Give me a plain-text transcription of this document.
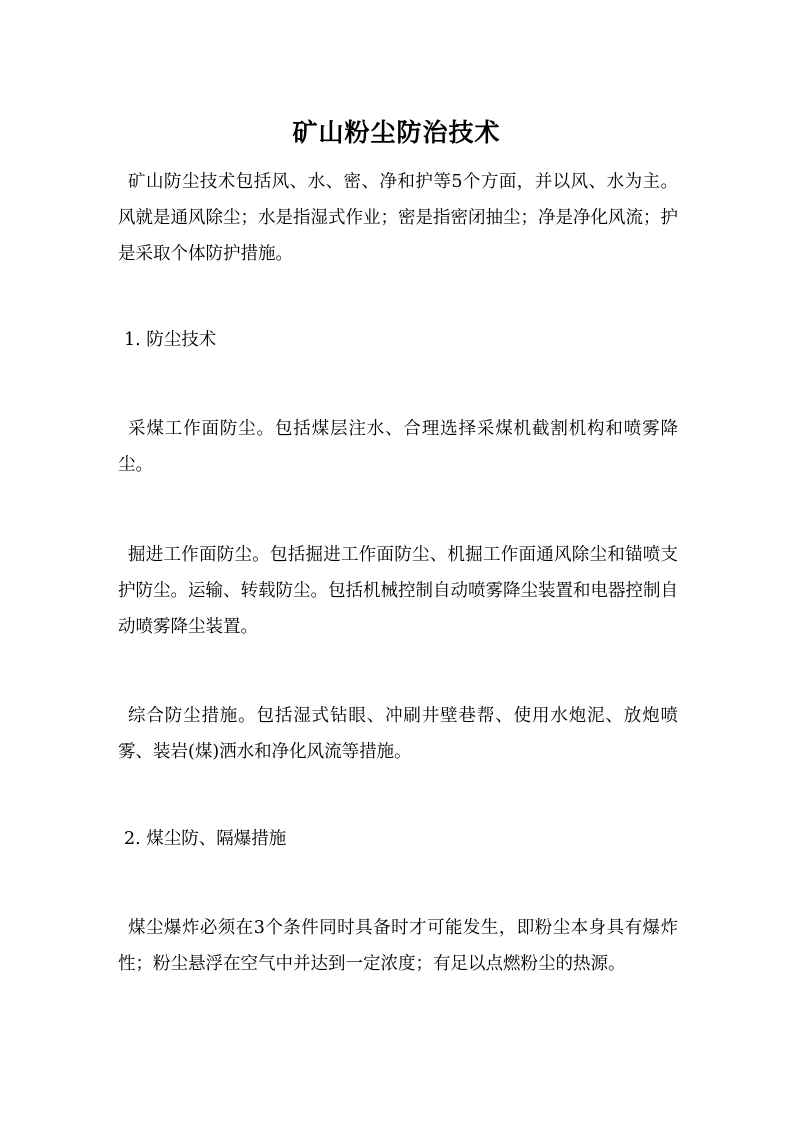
矿山粉尘防治技术

矿山防尘技术包括风、水、密、净和护等5个方面，并以风、水为主。风就是通风除尘；水是指湿式作业；密是指密闭抽尘；净是净化风流；护是采取个体防护措施。

1. 防尘技术

采煤工作面防尘。包括煤层注水、合理选择采煤机截割机构和喷雾降尘。

掘进工作面防尘。包括掘进工作面防尘、机掘工作面通风除尘和锚喷支护防尘。运输、转载防尘。包括机械控制自动喷雾降尘装置和电器控制自动喷雾降尘装置。

综合防尘措施。包括湿式钻眼、冲刷井壁巷帮、使用水炮泥、放炮喷雾、装岩(煤)洒水和净化风流等措施。

2. 煤尘防、隔爆措施

煤尘爆炸必须在3个条件同时具备时才可能发生，即粉尘本身具有爆炸性；粉尘悬浮在空气中并达到一定浓度；有足以点燃粉尘的热源。
